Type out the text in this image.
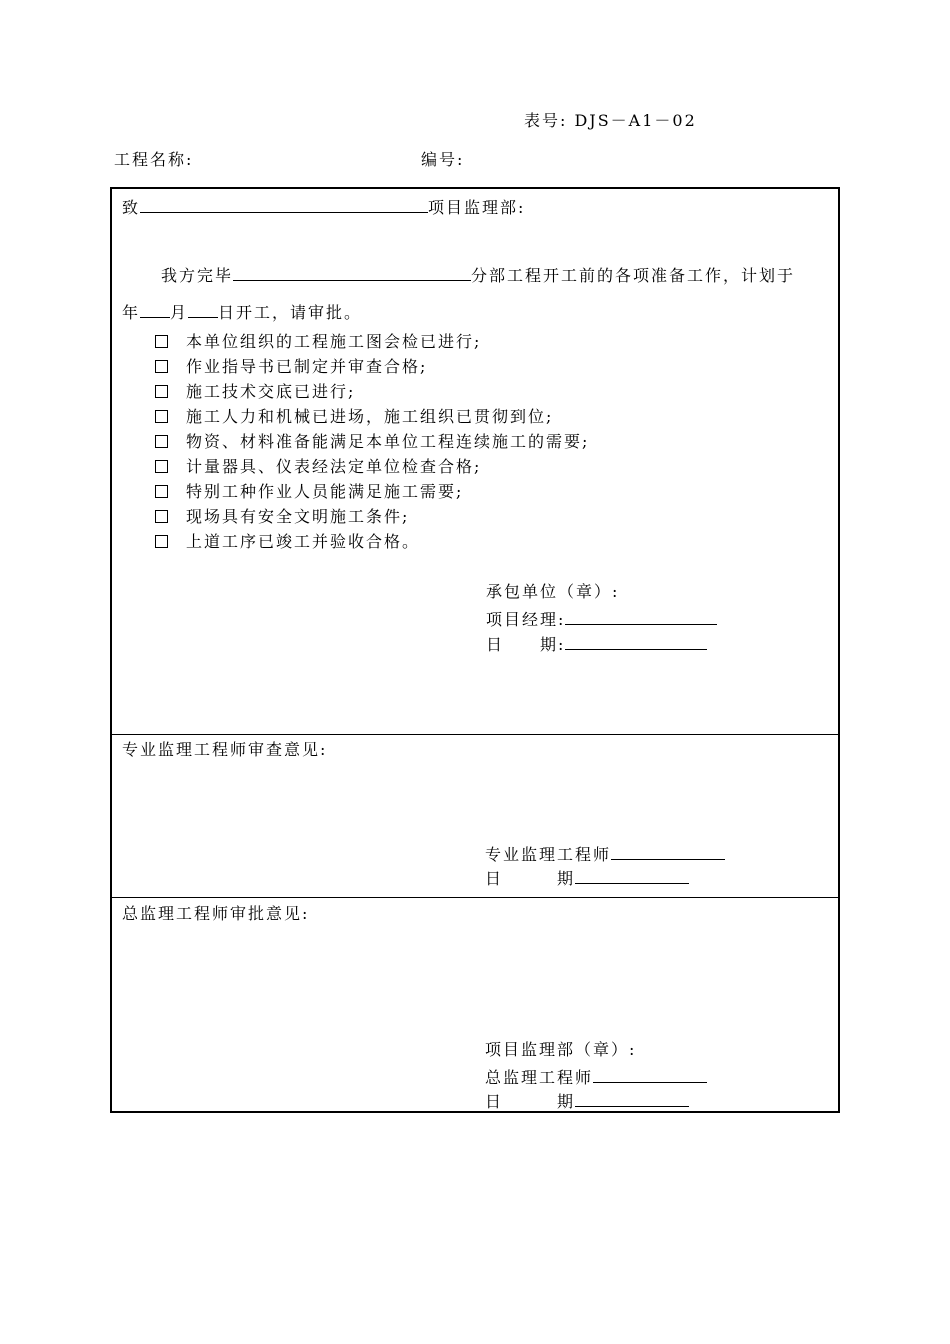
表号: DJS－A1－02
工程名称:	编号:
致	项目监理部:
我方完毕	分部工程开工前的各项准备工作，计划于
年 月 日开工，请审批。
本单位组织的工程施工图会检已进行;
作业指导书已制定并审查合格;
施工技术交底已进行;
施工人力和机械已进场，施工组织已贯彻到位;
物资、材料准备能满足本单位工程连续施工的需要;
计量器具、仪表经法定单位检查合格;
特别工种作业人员能满足施工需要;
现场具有安全文明施工条件;
上道工序已竣工并验收合格。
承包单位（章）:
项目经理:
日　　期:
专业监理工程师审查意见:
专业监理工程师
日　　　期
总监理工程师审批意见:
项目监理部（章）:
总监理工程师
日　　　期
